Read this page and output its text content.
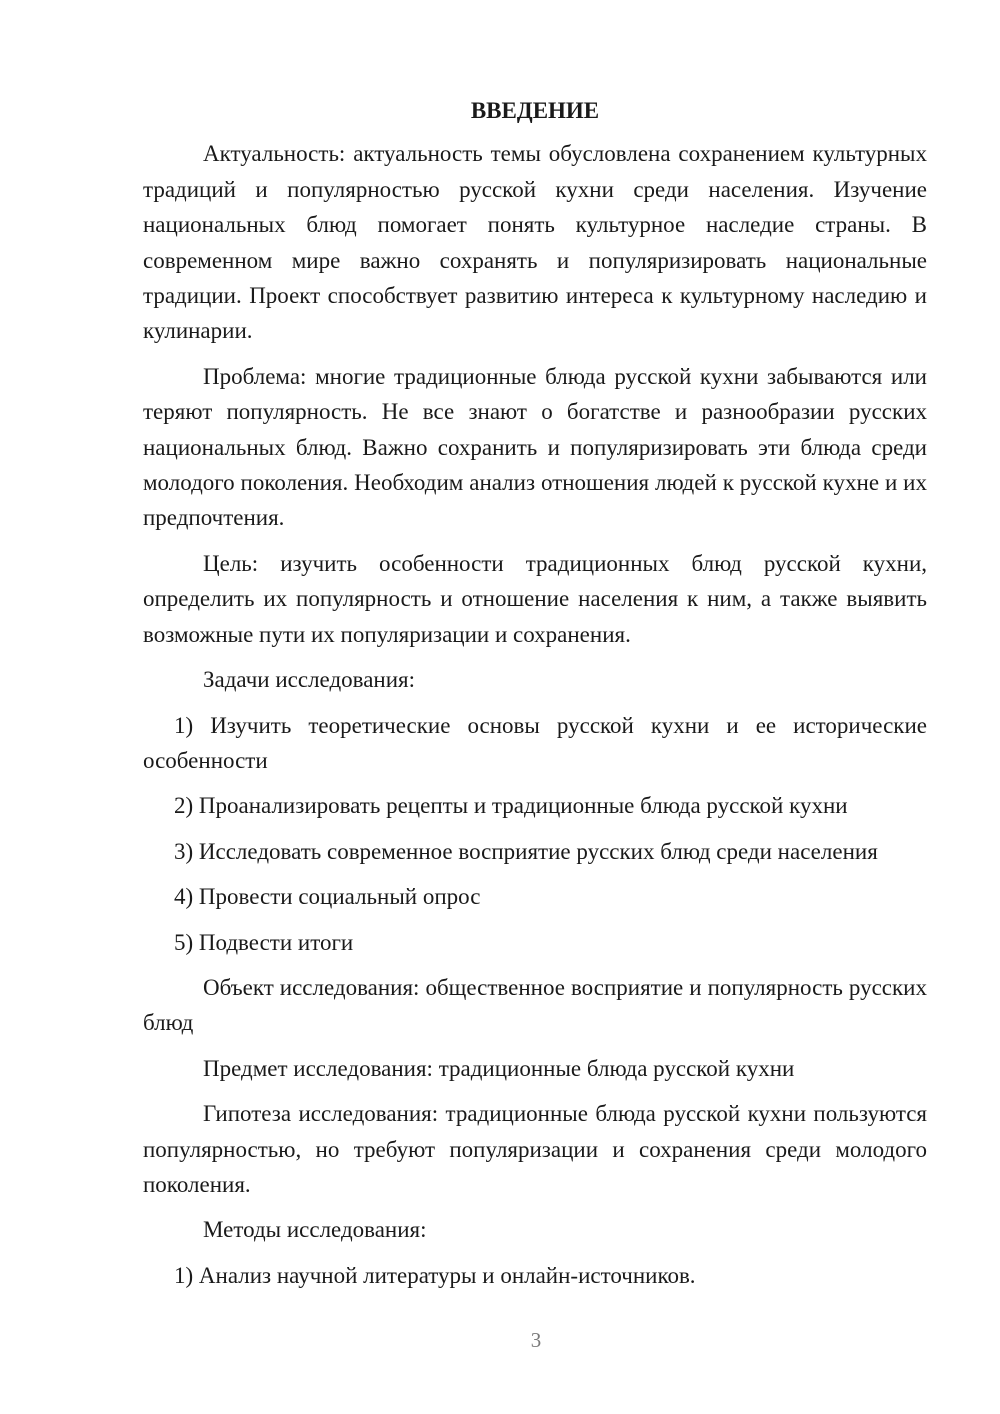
ВВЕДЕНИЕ

Актуальность: актуальность темы обусловлена сохранением культурных традиций и популярностью русской кухни среди населения. Изучение национальных блюд помогает понять культурное наследие страны. В современном мире важно сохранять и популяризировать национальные традиции. Проект способствует развитию интереса к культурному наследию и кулинарии.

Проблема: многие традиционные блюда русской кухни забываются или теряют популярность. Не все знают о богатстве и разнообразии русских национальных блюд. Важно сохранить и популяризировать эти блюда среди молодого поколения. Необходим анализ отношения людей к русской кухне и их предпочтения.

Цель: изучить особенности традиционных блюд русской кухни, определить их популярность и отношение населения к ним, а также выявить возможные пути их популяризации и сохранения.

Задачи исследования:

1) Изучить теоретические основы русской кухни и ее исторические особенности

2) Проанализировать рецепты и традиционные блюда русской кухни

3) Исследовать современное восприятие русских блюд среди населения

4) Провести социальный опрос

5) Подвести итоги

Объект исследования: общественное восприятие и популярность русских блюд

Предмет исследования: традиционные блюда русской кухни

Гипотеза исследования: традиционные блюда русской кухни пользуются популярностью, но требуют популяризации и сохранения среди молодого поколения.

Методы исследования:

1) Анализ научной литературы и онлайн-источников.

3
